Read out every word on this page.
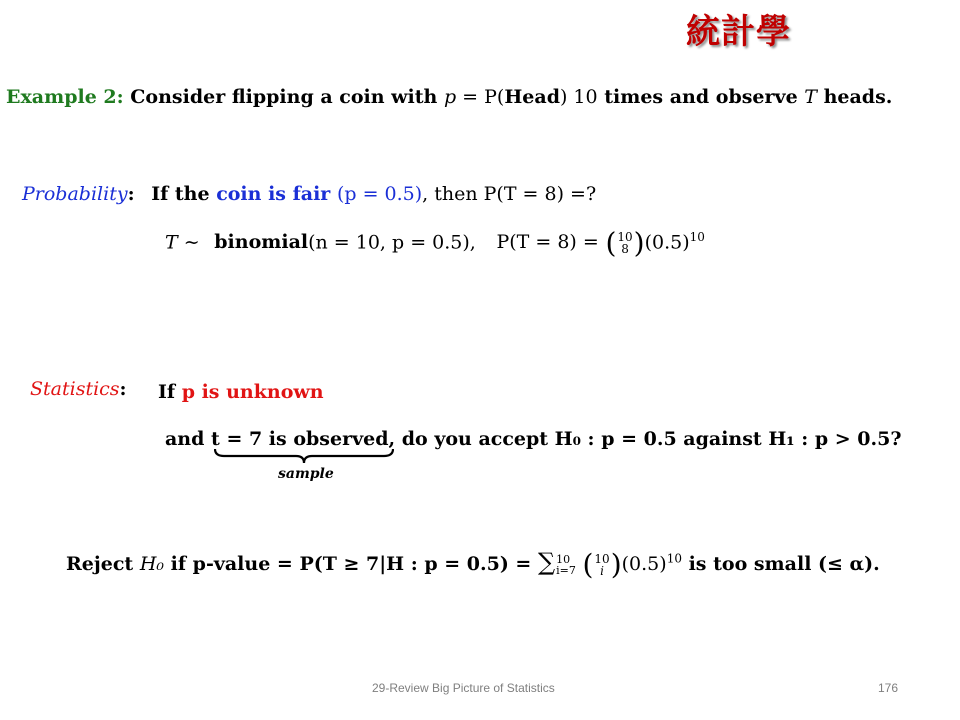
統計學
Example 2: Consider flipping a coin with p = P(Head) 10 times and observe T heads.
Probability: If the coin is fair (p = 0.5), then P(T = 8) =?
T ∼ binomial(n = 10, p = 0.5), P(T = 8) = ( 10
8 )$(0.5)^{10}$
Statistics: If p is unknown
and t = 7 is observed, do you accept H₀ : p = 0.5 against H₁ : p > 0.5?
sample
Reject H₀ if p-value = P(T ≥ 7|H : p = 0.5) = ∑ 10
i=7 ( 10
i )$(0.5)^{10}$ is too small (≤ α).
29-Review Big Picture of Statistics	176
